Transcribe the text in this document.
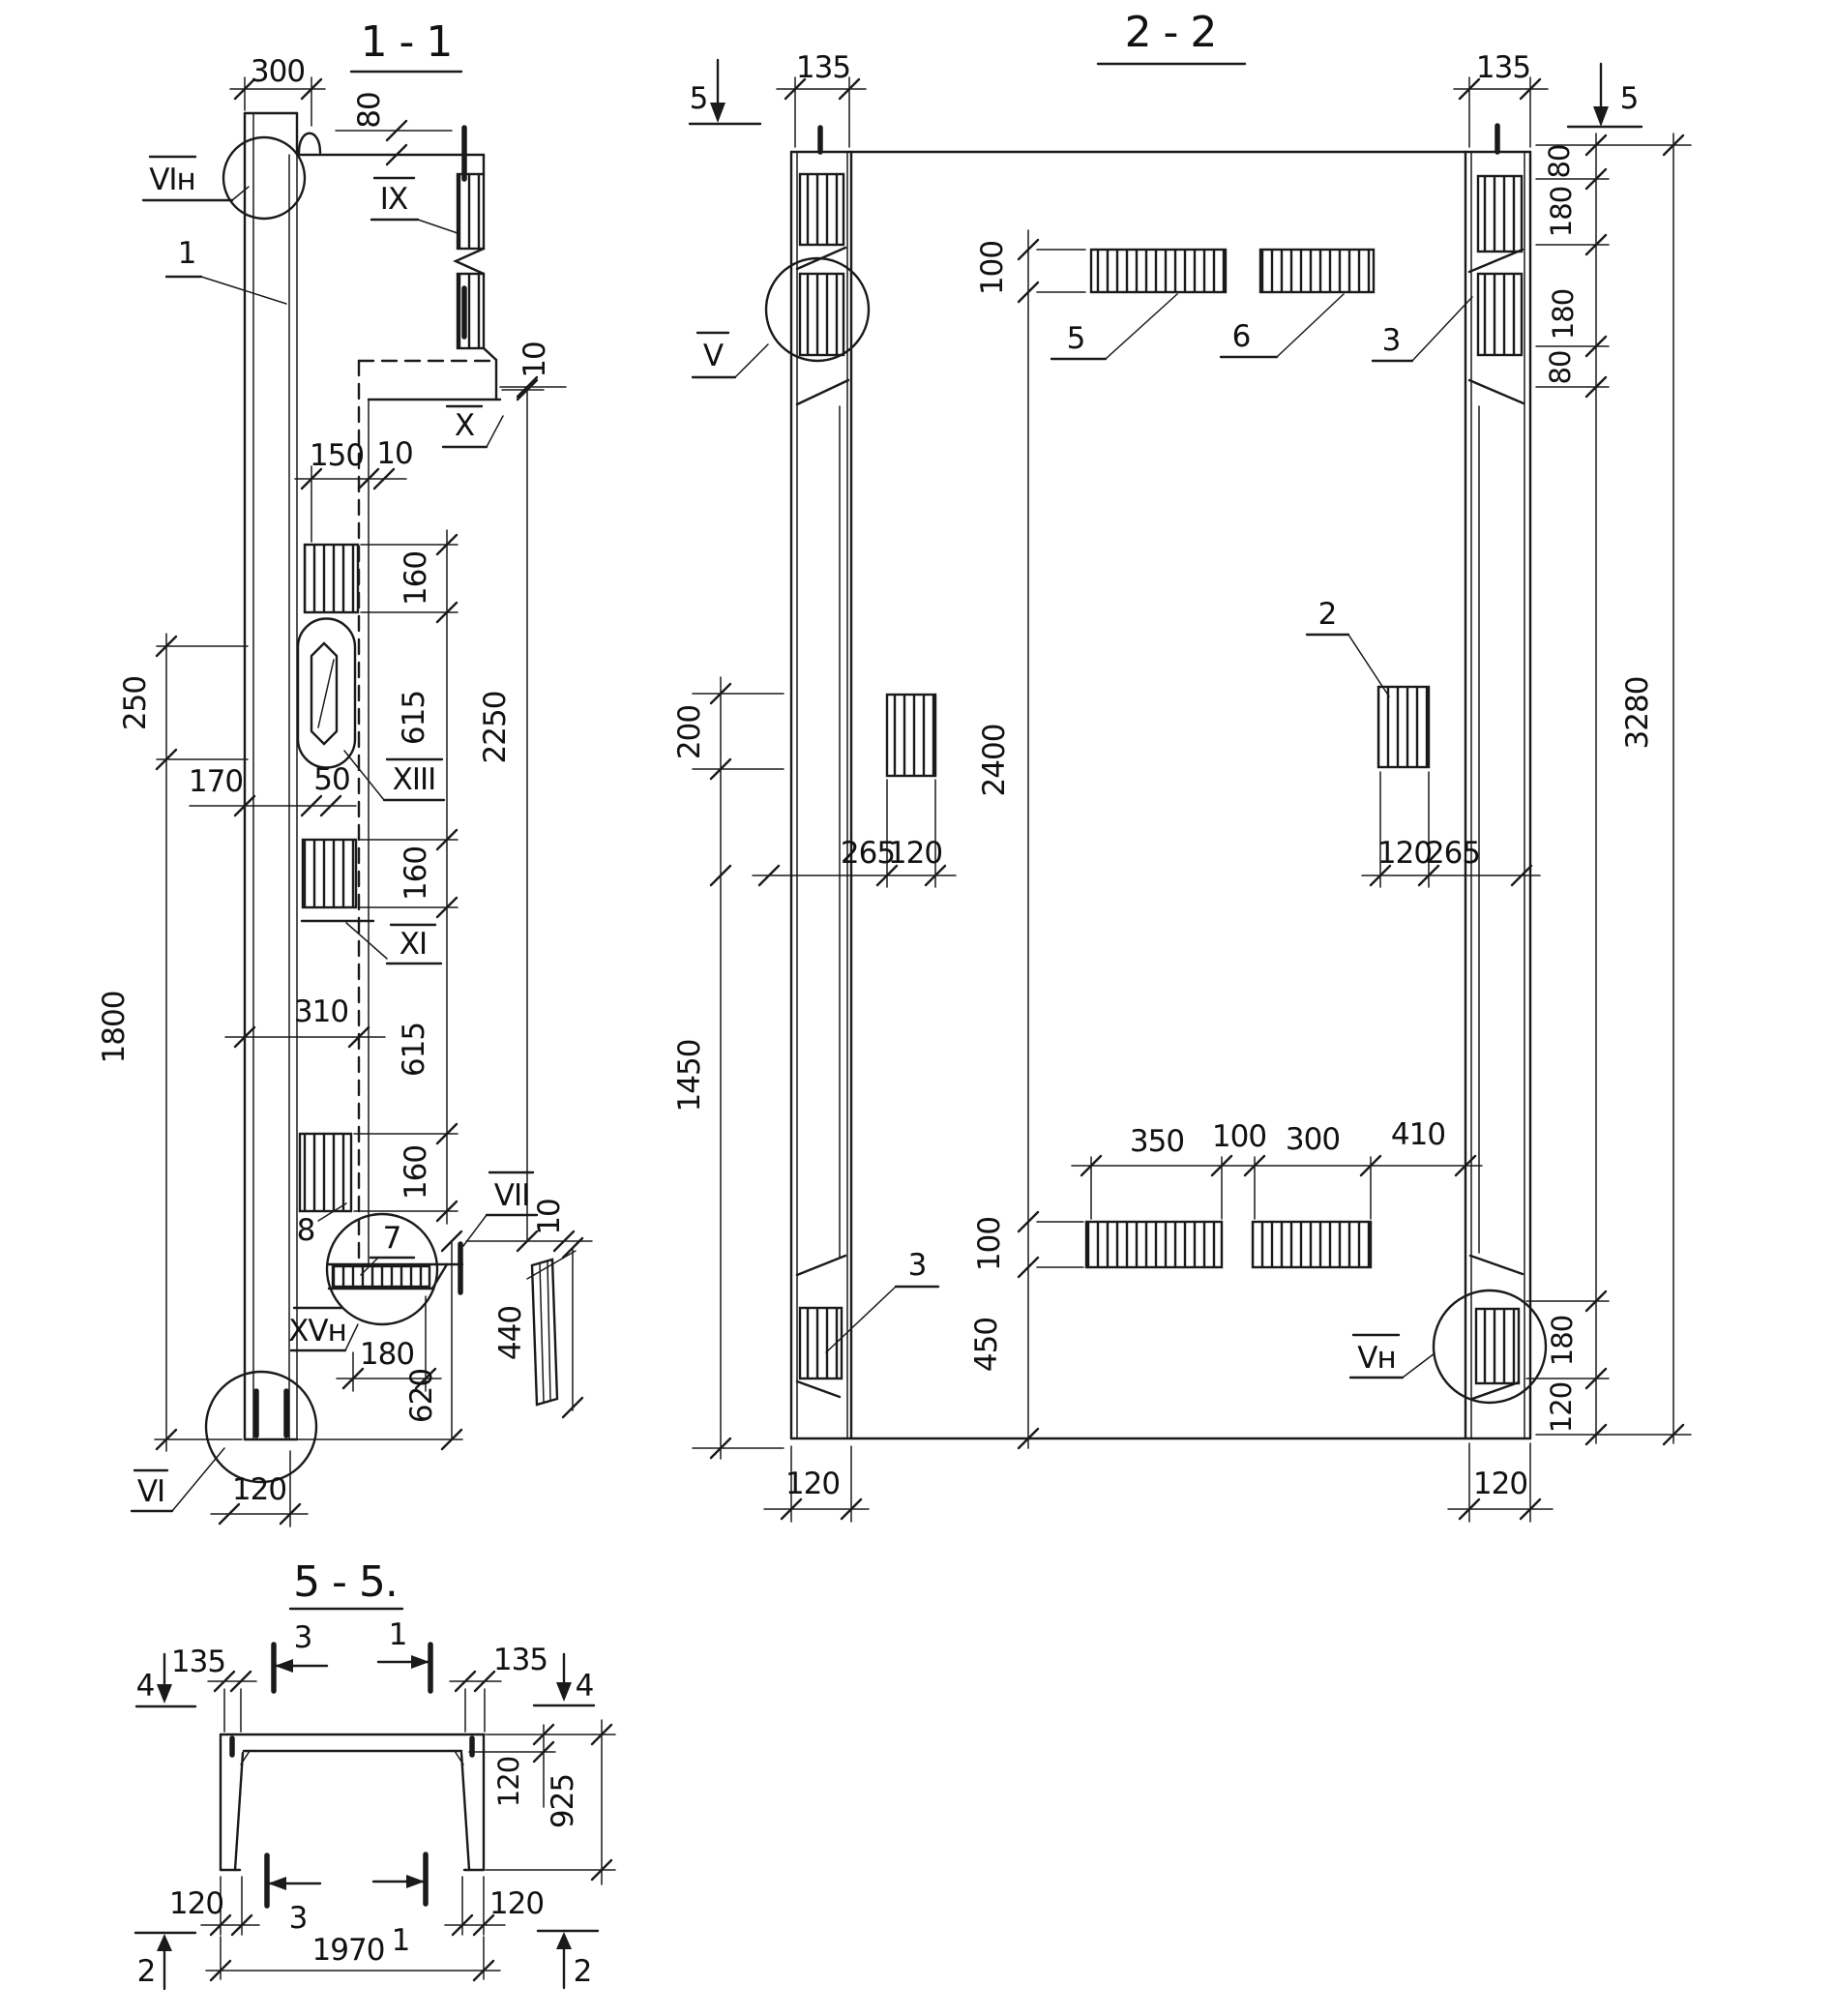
1 - 1
IX
300
80
1
VIн
X
10
150 10
XIII
160
615
160
615
160
250
1800
170 50
XI
310
2250
8 7
VII
10
XVн
180
620
440
VI 120
2 - 2
V
Vн
5	6	3
100
2400
100
450
200
265
120
1450
2
120
265
80
180
180
80
180
120
3280
350 100 300 410
3
120	120
5	5
135	135
5 - 5.
135	135
4	4
3	1
120 925
120	120
3
1
1970
2	2
